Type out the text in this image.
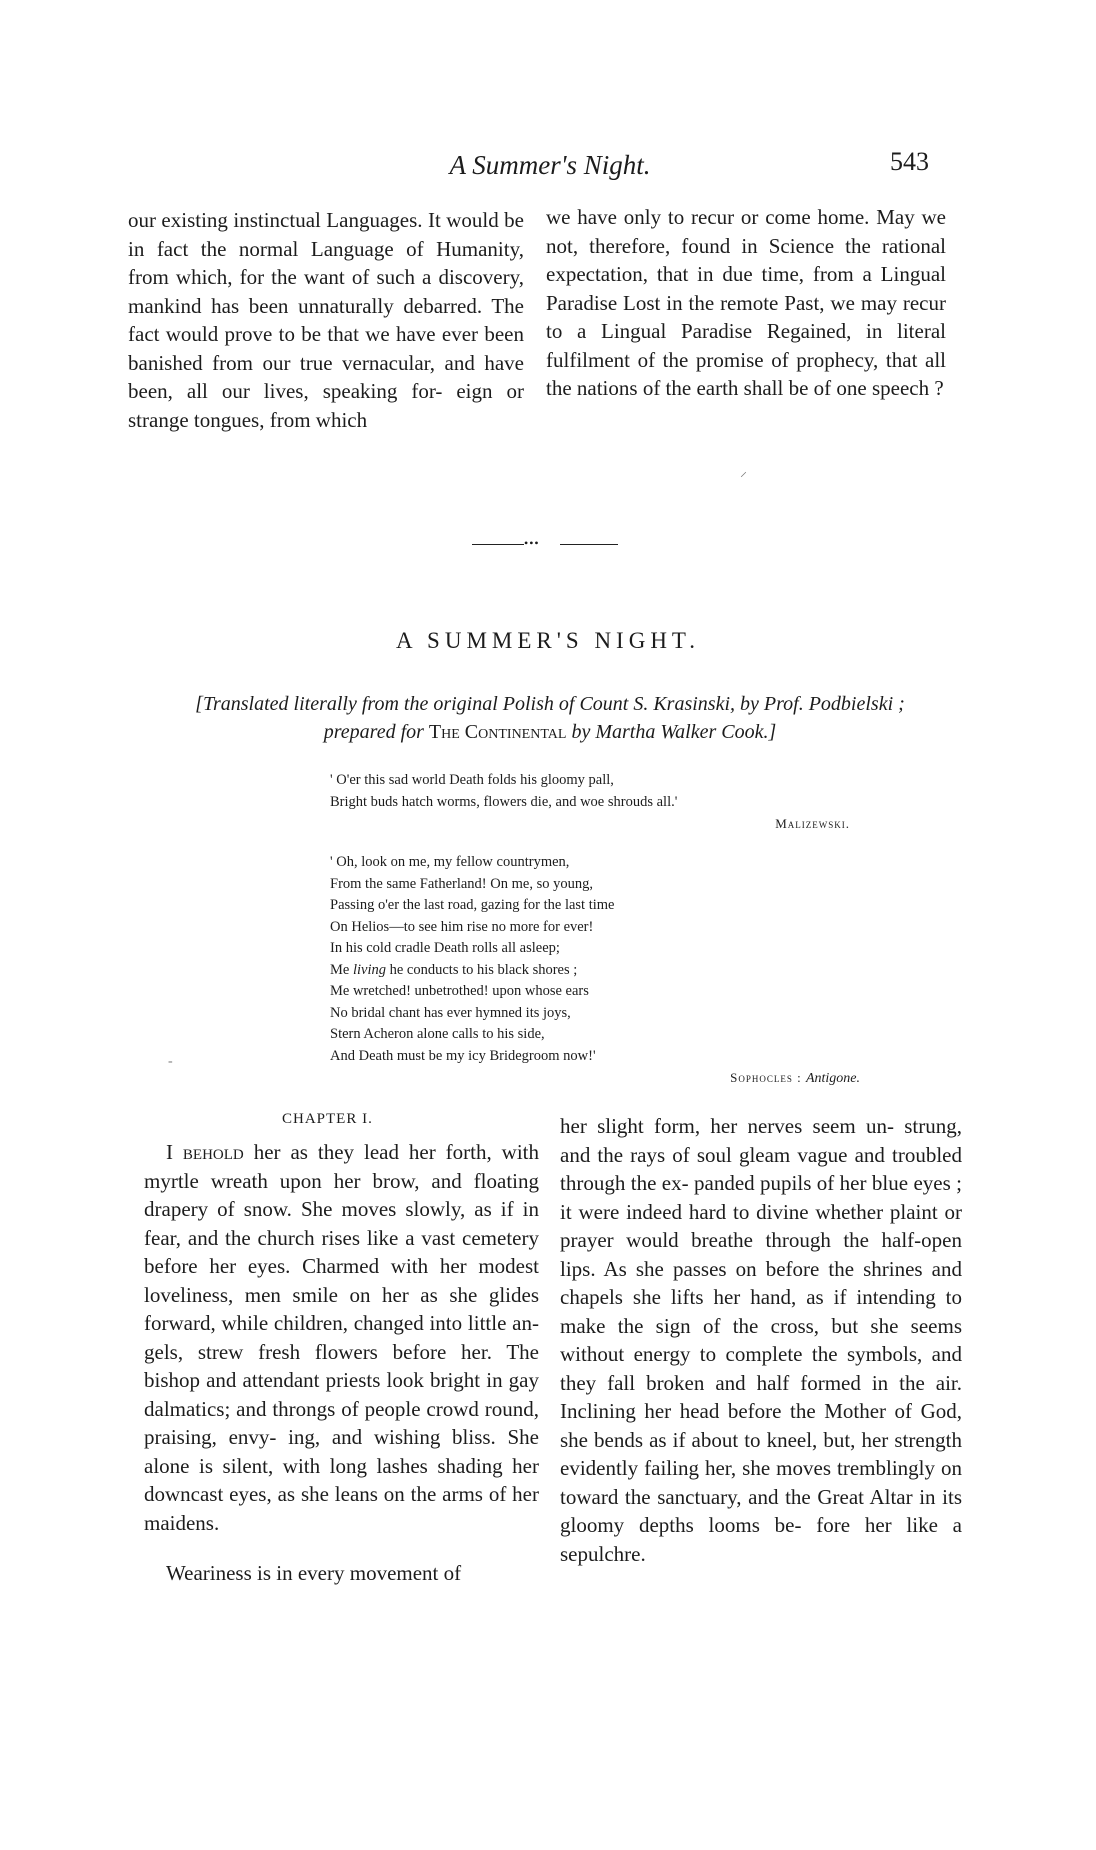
A Summer's Night.	543

our existing instinctual Languages. It would be in fact the normal Language of Humanity, from which, for the want of such a discovery, mankind has been unnaturally debarred. The fact would prove to be that we have ever been banished from our true vernacular, and have been, all our lives, speaking for- eign or strange tongues, from which

we have only to recur or come home. May we not, therefore, found in Science the rational expectation, that in due time, from a Lingual Paradise Lost in the remote Past, we may recur to a Lingual Paradise Regained, in literal fulfilment of the promise of prophecy, that all the nations of the earth shall be of one speech ?

•••
A SUMMER'S NIGHT.
[Translated literally from the original Polish of Count S. Krasinski, by Prof. Podbielski ;
prepared for The Continental by Martha Walker Cook.]
' O'er this sad world Death folds his gloomy pall,
Bright buds hatch worms, flowers die, and woe shrouds all.'
Malizewski.
' Oh, look on me, my fellow countrymen,
From the same Fatherland! On me, so young,
Passing o'er the last road, gazing for the last time
On Helios—to see him rise no more for ever!
In his cold cradle Death rolls all asleep;
Me living he conducts to his black shores ;
Me wretched! unbetrothed! upon whose ears
No bridal chant has ever hymned its joys,
Stern Acheron alone calls to his side,
And Death must be my icy Bridegroom now!'
Sophocles : Antigone.
CHAPTER I.

I behold her as they lead her forth, with myrtle wreath upon her brow, and floating drapery of snow. She moves slowly, as if in fear, and the church rises like a vast cemetery before her eyes. Charmed with her modest loveliness, men smile on her as she glides forward, while children, changed into little an- gels, strew fresh flowers before her. The bishop and attendant priests look bright in gay dalmatics; and throngs of people crowd round, praising, envy- ing, and wishing bliss. She alone is silent, with long lashes shading her downcast eyes, as she leans on the arms of her maidens.

Weariness is in every movement of

her slight form, her nerves seem un- strung, and the rays of soul gleam vague and troubled through the ex- panded pupils of her blue eyes ; it were indeed hard to divine whether plaint or prayer would breathe through the half-open lips. As she passes on before the shrines and chapels she lifts her hand, as if intending to make the sign of the cross, but she seems without energy to complete the symbols, and they fall broken and half formed in the air. Inclining her head before the Mother of God, she bends as if about to kneel, but, her strength evidently failing her, she moves tremblingly on toward the sanctuary, and the Great Altar in its gloomy depths looms be- fore her like a sepulchre.

⸝
-
